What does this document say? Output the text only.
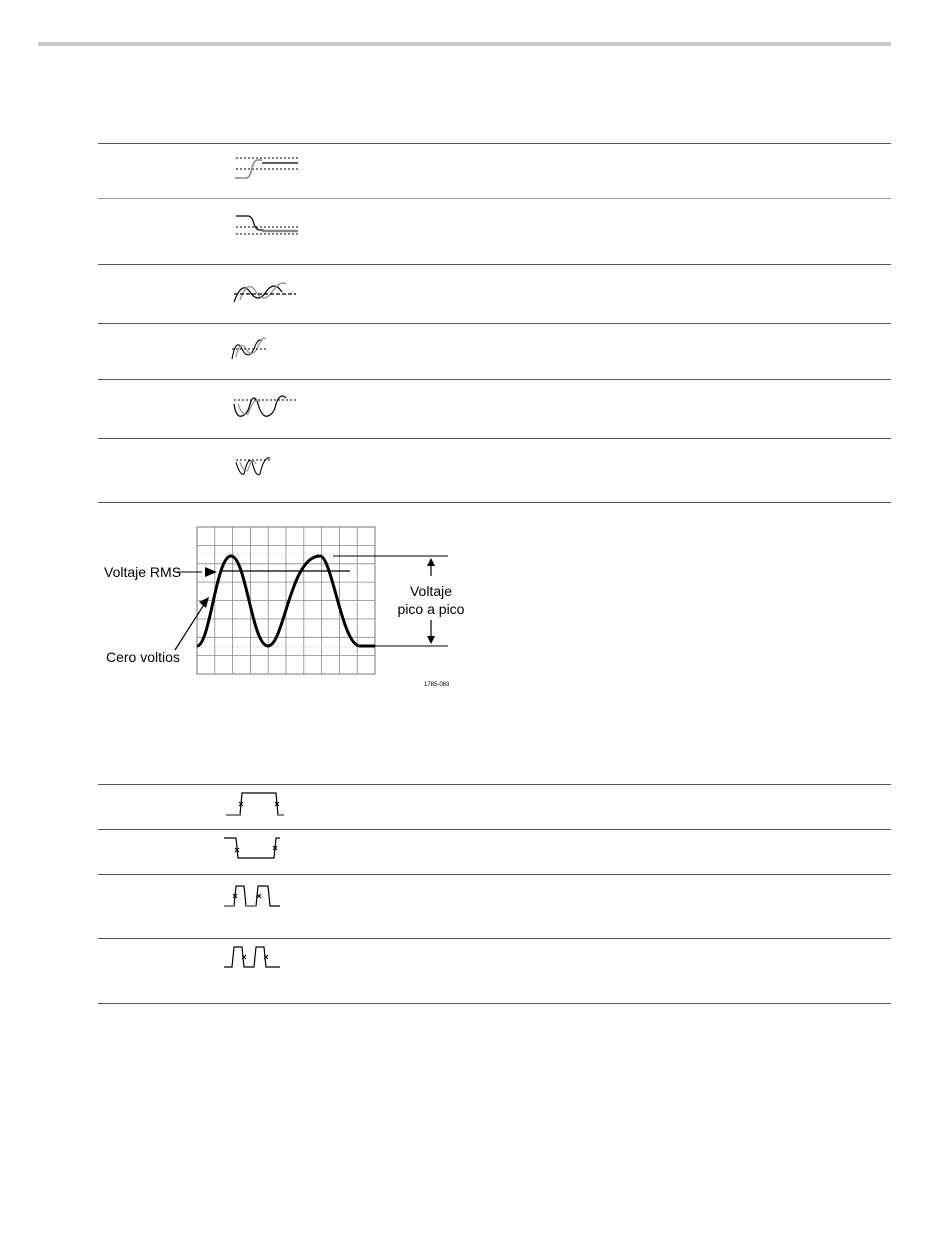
Voltaje RMS
Cero voltios
Voltaje
pico a pico
1785-083
